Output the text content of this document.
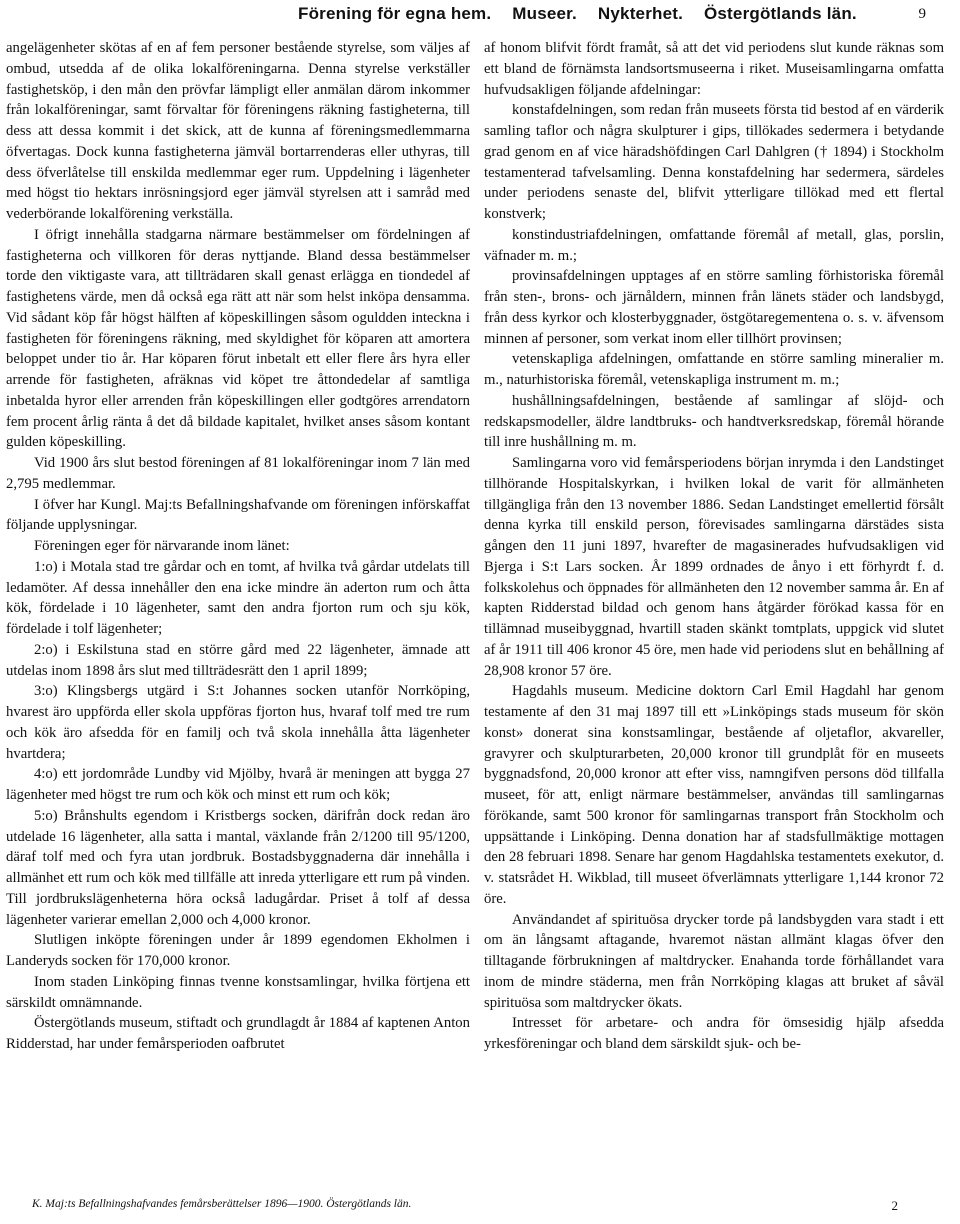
Förening för egna hem. Museer. Nykterhet. Östergötlands län.	9

angelägenheter skötas af en af fem personer bestående styrelse, som väljes af ombud, utsedda af de olika lokalföreningarna. Denna styrelse verkställer fastighetsköp, i den mån den prövfar lämpligt eller anmälan därom inkommer från lokalföreningar, samt förvaltar för föreningens räkning fastigheterna, till dess att dessa kommit i det skick, att de kunna af föreningsmedlemmarna öfvertagas. Dock kunna fastigheterna jämväl bortarrenderas eller uthyras, till dess öfverlåtelse till enskilda medlemmar eger rum. Uppdelning i lägenheter med högst tio hektars inrösningsjord eger jämväl styrelsen att i samråd med vederbörande lokalförening verkställa.

I öfrigt innehålla stadgarna närmare bestämmelser om fördelningen af fastigheterna och villkoren för deras nyttjande. Bland dessa bestämmelser torde den viktigaste vara, att tillträdaren skall genast erlägga en tiondedel af fastighetens värde, men då också ega rätt att när som helst inköpa densamma. Vid sådant köp får högst hälften af köpeskillingen såsom oguldden inteckna i fastigheten för föreningens räkning, med skyldighet för köparen att amortera beloppet under tio år. Har köparen förut inbetalt ett eller flere års hyra eller arrende för fastigheten, afräknas vid köpet tre åttondedelar af samtliga inbetalda hyror eller arrenden från köpeskillingen eller godtgöres arrendatorn fem procent årlig ränta å det då bildade kapitalet, hvilket anses såsom kontant gulden köpeskilling.

Vid 1900 års slut bestod föreningen af 81 lokalföreningar inom 7 län med 2,795 medlemmar.

I öfver har Kungl. Maj:ts Befallningshafvande om föreningen införskaffat följande upplysningar.

Föreningen eger för närvarande inom länet:

1:o) i Motala stad tre gårdar och en tomt, af hvilka två gårdar utdelats till ledamöter. Af dessa innehåller den ena icke mindre än aderton rum och åtta kök, fördelade i 10 lägenheter, samt den andra fjorton rum och sju kök, fördelade i tolf lägenheter;

2:o) i Eskilstuna stad en större gård med 22 lägenheter, ämnade att utdelas inom 1898 års slut med tillträdesrätt den 1 april 1899;

3:o) Klingsbergs utgärd i S:t Johannes socken utanför Norrköping, hvarest äro uppförda eller skola uppföras fjorton hus, hvaraf tolf med tre rum och kök äro afsedda för en familj och två skola innehålla åtta lägenheter hvartdera;

4:o) ett jordområde Lundby vid Mjölby, hvarå är meningen att bygga 27 lägenheter med högst tre rum och kök och minst ett rum och kök;

5:o) Brånshults egendom i Kristbergs socken, därifrån dock redan äro utdelade 16 lägenheter, alla satta i mantal, växlande från 2/1200 till 95/1200, däraf tolf med och fyra utan jordbruk. Bostadsbyggnaderna där innehålla i allmänhet ett rum och kök med tillfälle att inreda ytterligare ett rum på vinden. Till jordbrukslägenheterna höra också ladugårdar. Priset å tolf af dessa lägenheter varierar emellan 2,000 och 4,000 kronor.

Slutligen inköpte föreningen under år 1899 egendomen Ekholmen i Landeryds socken för 170,000 kronor.

Inom staden Linköping finnas tvenne konstsamlingar, hvilka förtjena ett särskildt omnämnande.

Östergötlands museum, stiftadt och grundlagdt år 1884 af kaptenen Anton Ridderstad, har under femårsperioden oafbrutet

af honom blifvit fördt framåt, så att det vid periodens slut kunde räknas som ett bland de förnämsta landsortsmuseerna i riket. Museisamlingarna omfatta hufvudsakligen följande afdelningar:

konstafdelningen, som redan från museets första tid bestod af en värderik samling taflor och några skulpturer i gips, tillökades sedermera i betydande grad genom en af vice häradshöfdingen Carl Dahlgren († 1894) i Stockholm testamenterad tafvelsamling. Denna konstafdelning har sedermera, särdeles under periodens senaste del, blifvit ytterligare tillökad med ett flertal konstverk;

konstindustriafdelningen, omfattande föremål af metall, glas, porslin, väfnader m. m.;

provinsafdelningen upptages af en större samling förhistoriska föremål från sten-, brons- och järnåldern, minnen från länets städer och landsbygd, från dess kyrkor och klosterbyggnader, östgötaregementena o. s. v. äfvensom minnen af personer, som verkat inom eller tillhört provinsen;

vetenskapliga afdelningen, omfattande en större samling mineralier m. m., naturhistoriska föremål, vetenskapliga instrument m. m.;

hushållningsafdelningen, bestående af samlingar af slöjd- och redskapsmodeller, äldre landtbruks- och handtverksredskap, föremål hörande till inre hushållning m. m.

Samlingarna voro vid femårsperiodens början inrymda i den Landstinget tillhörande Hospitalskyrkan, i hvilken lokal de varit för allmänheten tillgängliga från den 13 november 1886. Sedan Landstinget emellertid försålt denna kyrka till enskild person, förevisades samlingarna därstädes sista gången den 11 juni 1897, hvarefter de magasinerades hufvudsakligen vid Bjerga i S:t Lars socken. År 1899 ordnades de ånyo i ett förhyrdt f. d. folkskolehus och öppnades för allmänheten den 12 november samma år. En af kapten Ridderstad bildad och genom hans åtgärder förökad kassa för en tillämnad museibyggnad, hvartill staden skänkt tomtplats, uppgick vid slutet af år 1911 till 406 kronor 45 öre, men hade vid periodens slut en behållning af 28,908 kronor 57 öre.

Hagdahls museum. Medicine doktorn Carl Emil Hagdahl har genom testamente af den 31 maj 1897 till ett »Linköpings stads museum för skön konst» donerat sina konstsamlingar, bestående af oljetaflor, akvareller, gravyrer och skulpturarbeten, 20,000 kronor till grundplåt för en museets byggnadsfond, 20,000 kronor att efter viss, namngifven persons död tillfalla museet, för att, enligt närmare bestämmelser, användas till samlingarnas förökande, samt 500 kronor för samlingarnas transport från Stockholm och uppsättande i Linköping. Denna donation har af stadsfullmäktige mottagen den 28 februari 1898. Senare har genom Hagdahlska testamentets exekutor, d. v. statsrådet H. Wikblad, till museet öfverlämnats ytterligare 1,144 kronor 72 öre.

Användandet af spirituösa drycker torde på landsbygden vara stadt i ett om än långsamt aftagande, hvaremot nästan allmänt klagas öfver den tilltagande förbrukningen af maltdrycker. Enahanda torde förhållandet vara inom de mindre städerna, men från Norrköping klagas att bruket af såväl spirituösa som maltdrycker ökats.

Intresset för arbetare- och andra för ömsesidig hjälp afsedda yrkesföreningar och bland dem särskildt sjuk- och be-

K. Maj:ts Befallningshafvandes femårsberättelser 1896—1900. Östergötlands län.	2
